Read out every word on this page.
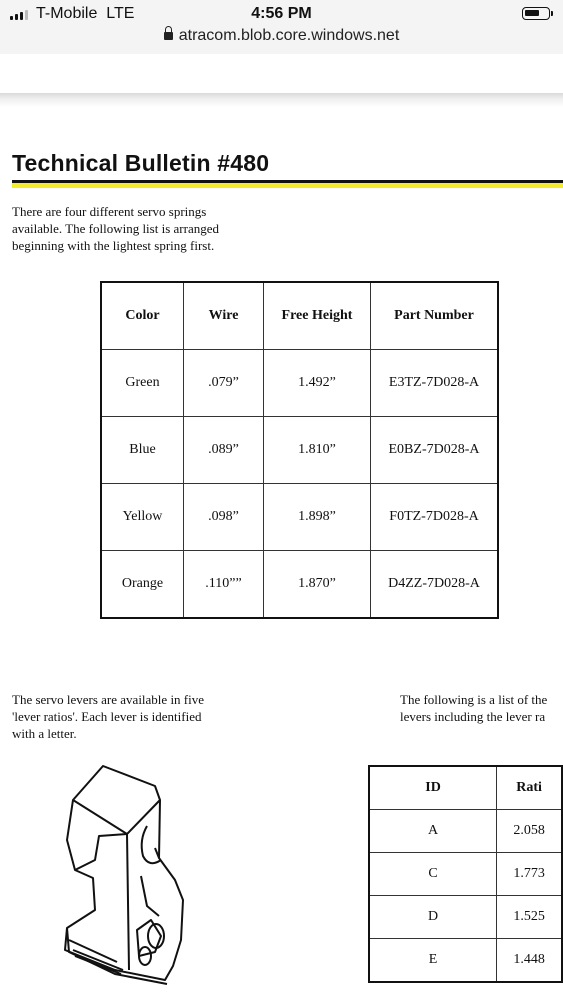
T-Mobile LTE	4:56 PM
atracom.blob.core.windows.net
Technical Bulletin #480
There are four different servo springs available. The following list is arranged beginning with the lightest spring first.
Color	Wire	Free Height	Part Number
Green	.079”	1.492”	E3TZ-7D028-A
Blue	.089”	1.810”	E0BZ-7D028-A
Yellow	.098”	1.898”	F0TZ-7D028-A
Orange	.110””	1.870”	D4ZZ-7D028-A
The servo levers are available in five 'lever ratios'. Each lever is identified with a letter.
The following is a list of the
levers including the lever ra
ID	Rati
A	2.058
C	1.773
D	1.525
E	1.448
